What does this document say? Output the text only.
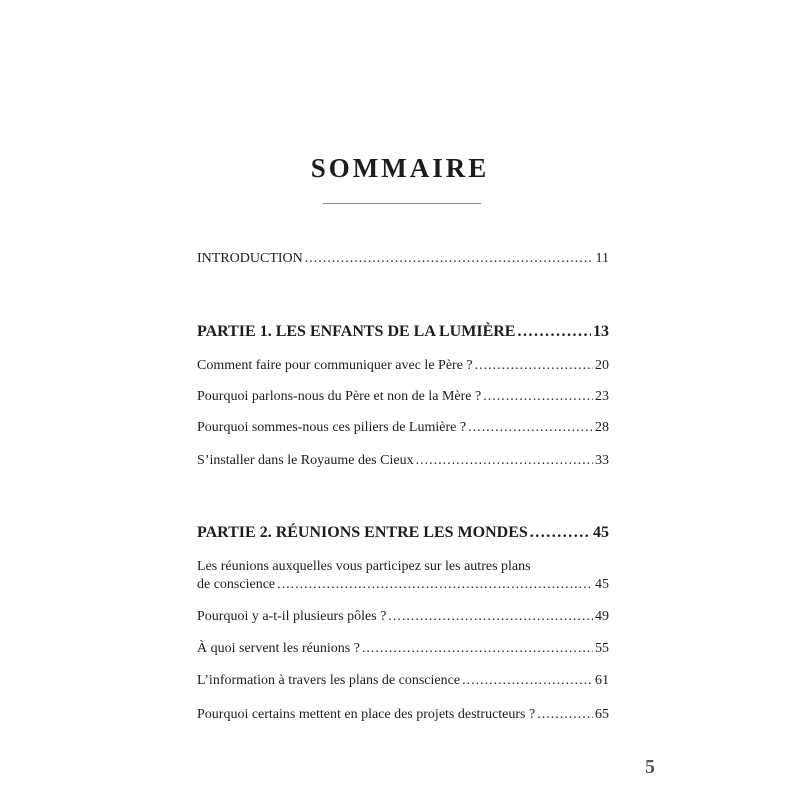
SOMMAIRE
INTRODUCTION .....	11
PARTIE 1. LES ENFANTS DE LA LUMIÈRE .....	13
Comment faire pour communiquer avec le Père ? .....	20
Pourquoi parlons-nous du Père et non de la Mère ? .....	23
Pourquoi sommes-nous ces piliers de Lumière ? .....	28
S’installer dans le Royaume des Cieux .....	33
PARTIE 2. RÉUNIONS ENTRE LES MONDES .....	45
Les réunions auxquelles vous participez sur les autres plans
de conscience .....	45
Pourquoi y a-t-il plusieurs pôles ? .....	49
À quoi servent les réunions ? .....	55
L’information à travers les plans de conscience .....	61
Pourquoi certains mettent en place des projets destructeurs ? .....	65
5
